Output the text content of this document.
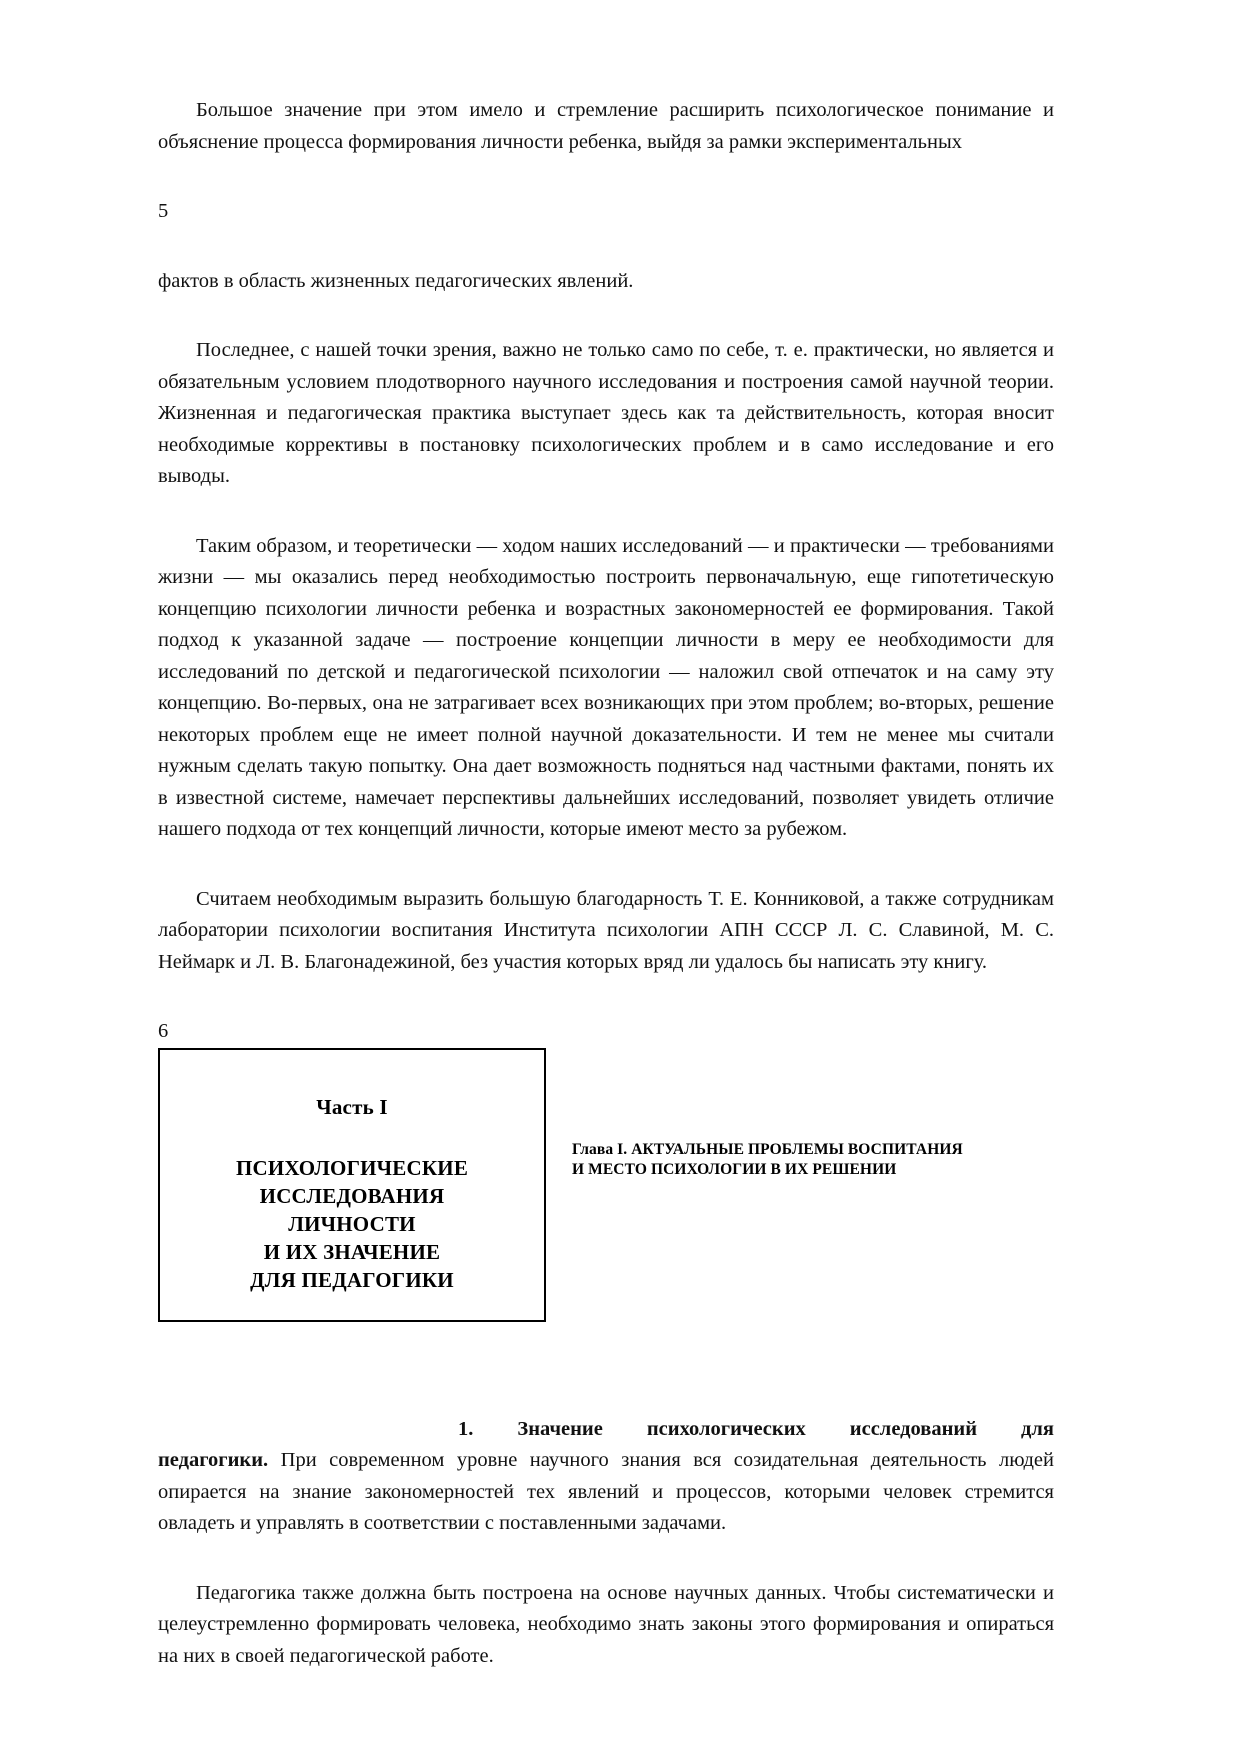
Большое значение при этом имело и стремление расширить психологическое понимание и объяснение процесса формирования личности ребенка, выйдя за рамки экспериментальных

5

фактов в область жизненных педагогических явлений.

Последнее, с нашей точки зрения, важно не только само по себе, т. е. практически, но является и обязательным условием плодотворного научного исследования и построения самой научной теории. Жизненная и педагогическая практика выступает здесь как та действительность, которая вносит необходимые коррективы в постановку психологических проблем и в само исследование и его выводы.

Таким образом, и теоретически — ходом наших исследований — и практически — требованиями жизни — мы оказались перед необходимостью построить первоначальную, еще гипотетическую концепцию психологии личности ребенка и возрастных закономерностей ее формирования. Такой подход к указанной задаче — построение концепции личности в меру ее необходимости для исследований по детской и педагогической психологии — наложил свой отпечаток и на саму эту концепцию. Во-первых, она не затрагивает всех возникающих при этом проблем; во-вторых, решение некоторых проблем еще не имеет полной научной доказательности. И тем не менее мы считали нужным сделать такую попытку. Она дает возможность подняться над частными фактами, понять их в известной системе, намечает перспективы дальнейших исследований, позволяет увидеть отличие нашего подхода от тех концепций личности, которые имеют место за рубежом.

Считаем необходимым выразить большую благодарность Т. Е. Конниковой, а также сотрудникам лаборатории психологии воспитания Института психологии АПН СССР Л. С. Славиной, М. С. Неймарк и Л. В. Благонадежиной, без участия которых вряд ли удалось бы написать эту книгу.

6

Часть I
ПСИХОЛОГИЧЕСКИЕ
ИССЛЕДОВАНИЯ
ЛИЧНОСТИ
И ИХ ЗНАЧЕНИЕ
ДЛЯ ПЕДАГОГИКИ
Глава I. АКТУАЛЬНЫЕ ПРОБЛЕМЫ ВОСПИТАНИЯ
И МЕСТО ПСИХОЛОГИИ В ИХ РЕШЕНИИ

1. Значение психологических исследований для
педагогики. При современном уровне научного знания вся созидательная деятельность людей опирается на знание закономерностей тех явлений и процессов, которыми человек стремится овладеть и управлять в соответствии с поставленными задачами.

Педагогика также должна быть построена на основе научных данных. Чтобы систематически и целеустремленно формировать человека, необходимо знать законы этого формирования и опираться на них в своей педагогической работе.
